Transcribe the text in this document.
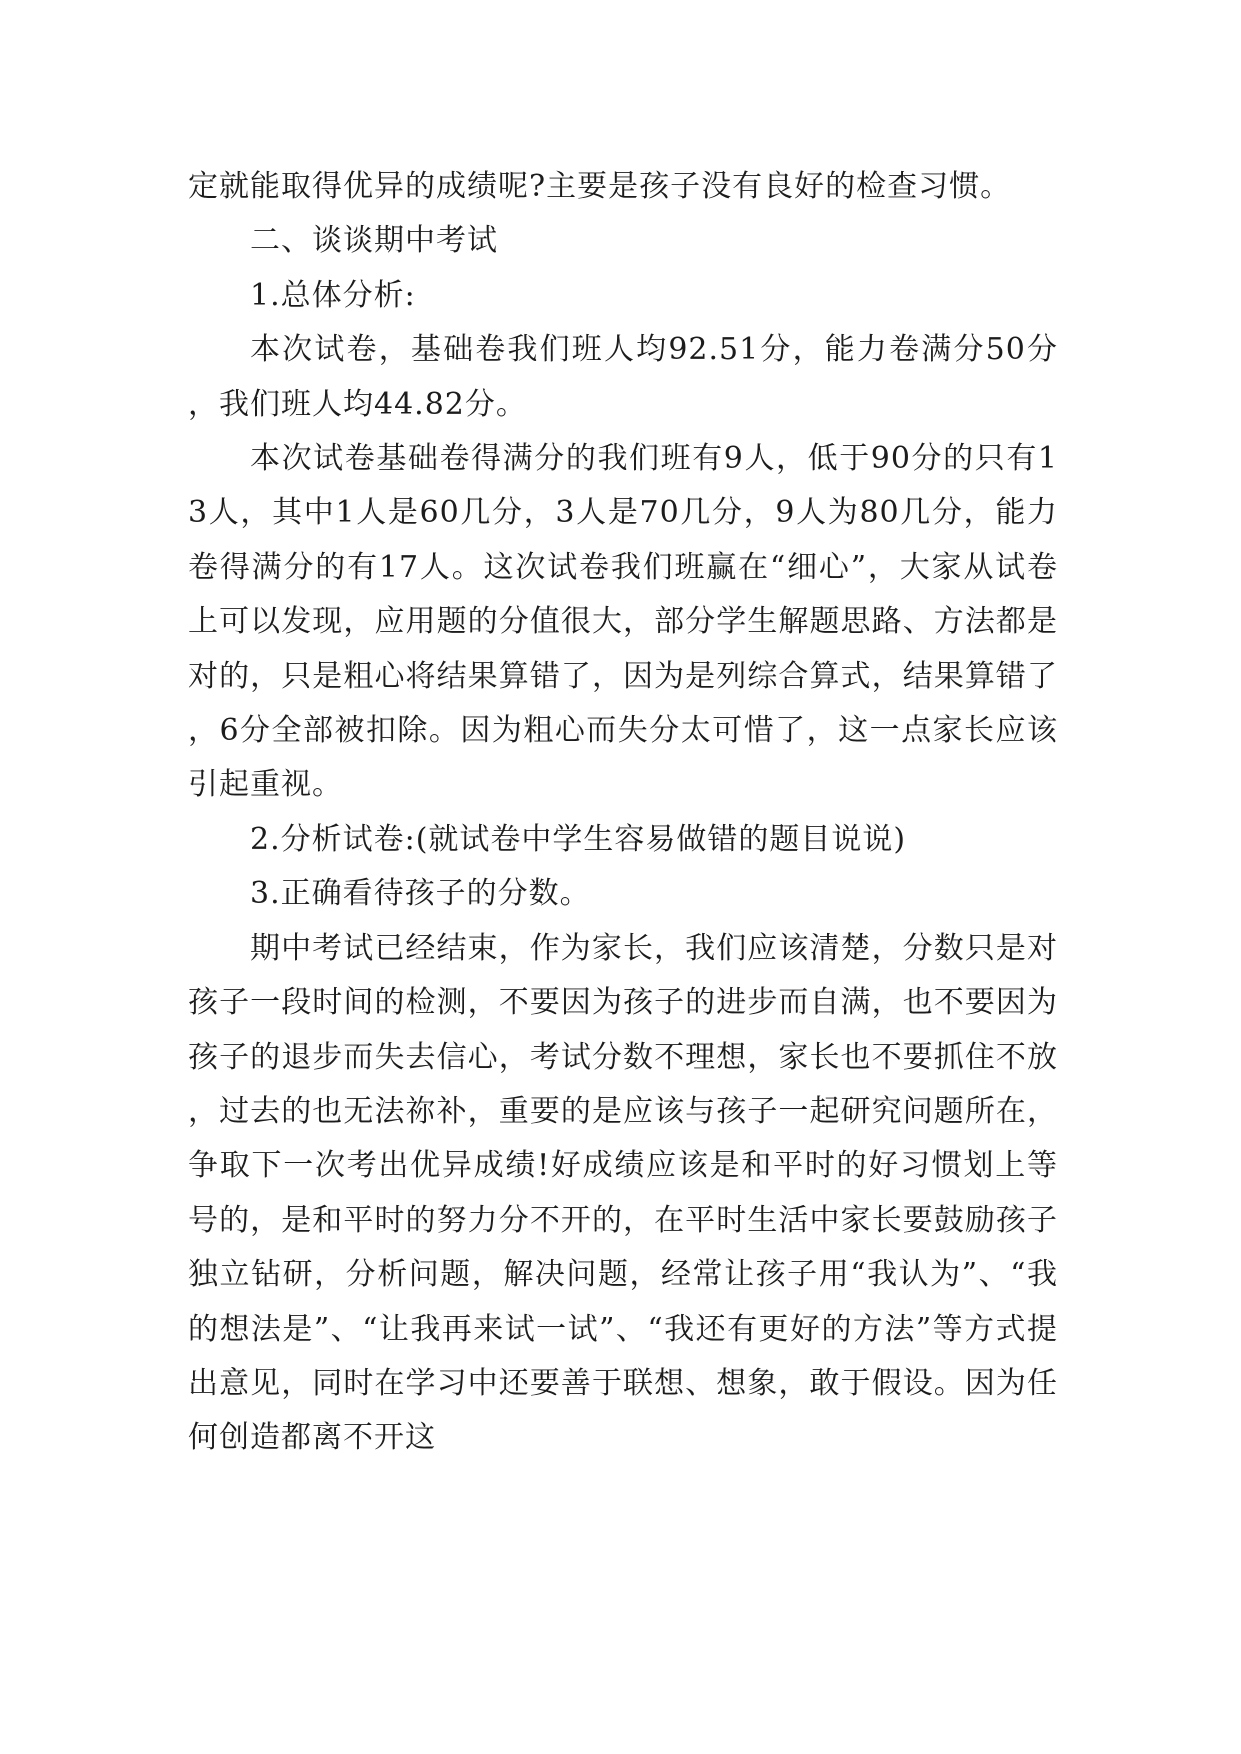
定就能取得优异的成绩呢?主要是孩子没有良好的检查习惯。

二、谈谈期中考试

1.总体分析:

本次试卷，基础卷我们班人均92.51分，能力卷满分50分，我们班人均44.82分。

本次试卷基础卷得满分的我们班有9人，低于90分的只有13人，其中1人是60几分，3人是70几分，9人为80几分，能力卷得满分的有17人。这次试卷我们班赢在“细心”，大家从试卷上可以发现，应用题的分值很大，部分学生解题思路、方法都是对的，只是粗心将结果算错了，因为是列综合算式，结果算错了，6分全部被扣除。因为粗心而失分太可惜了，这一点家长应该引起重视。

2.分析试卷:(就试卷中学生容易做错的题目说说)

3.正确看待孩子的分数。

期中考试已经结束，作为家长，我们应该清楚，分数只是对孩子一段时间的检测，不要因为孩子的进步而自满，也不要因为孩子的退步而失去信心，考试分数不理想，家长也不要抓住不放，过去的也无法祢补，重要的是应该与孩子一起研究问题所在，争取下一次考出优异成绩!好成绩应该是和平时的好习惯划上等号的，是和平时的努力分不开的，在平时生活中家长要鼓励孩子独立钻研，分析问题，解决问题，经常让孩子用“我认为”、“我的想法是”、“让我再来试一试”、“我还有更好的方法”等方式提出意见，同时在学习中还要善于联想、想象，敢于假设。因为任何创造都离不开这
